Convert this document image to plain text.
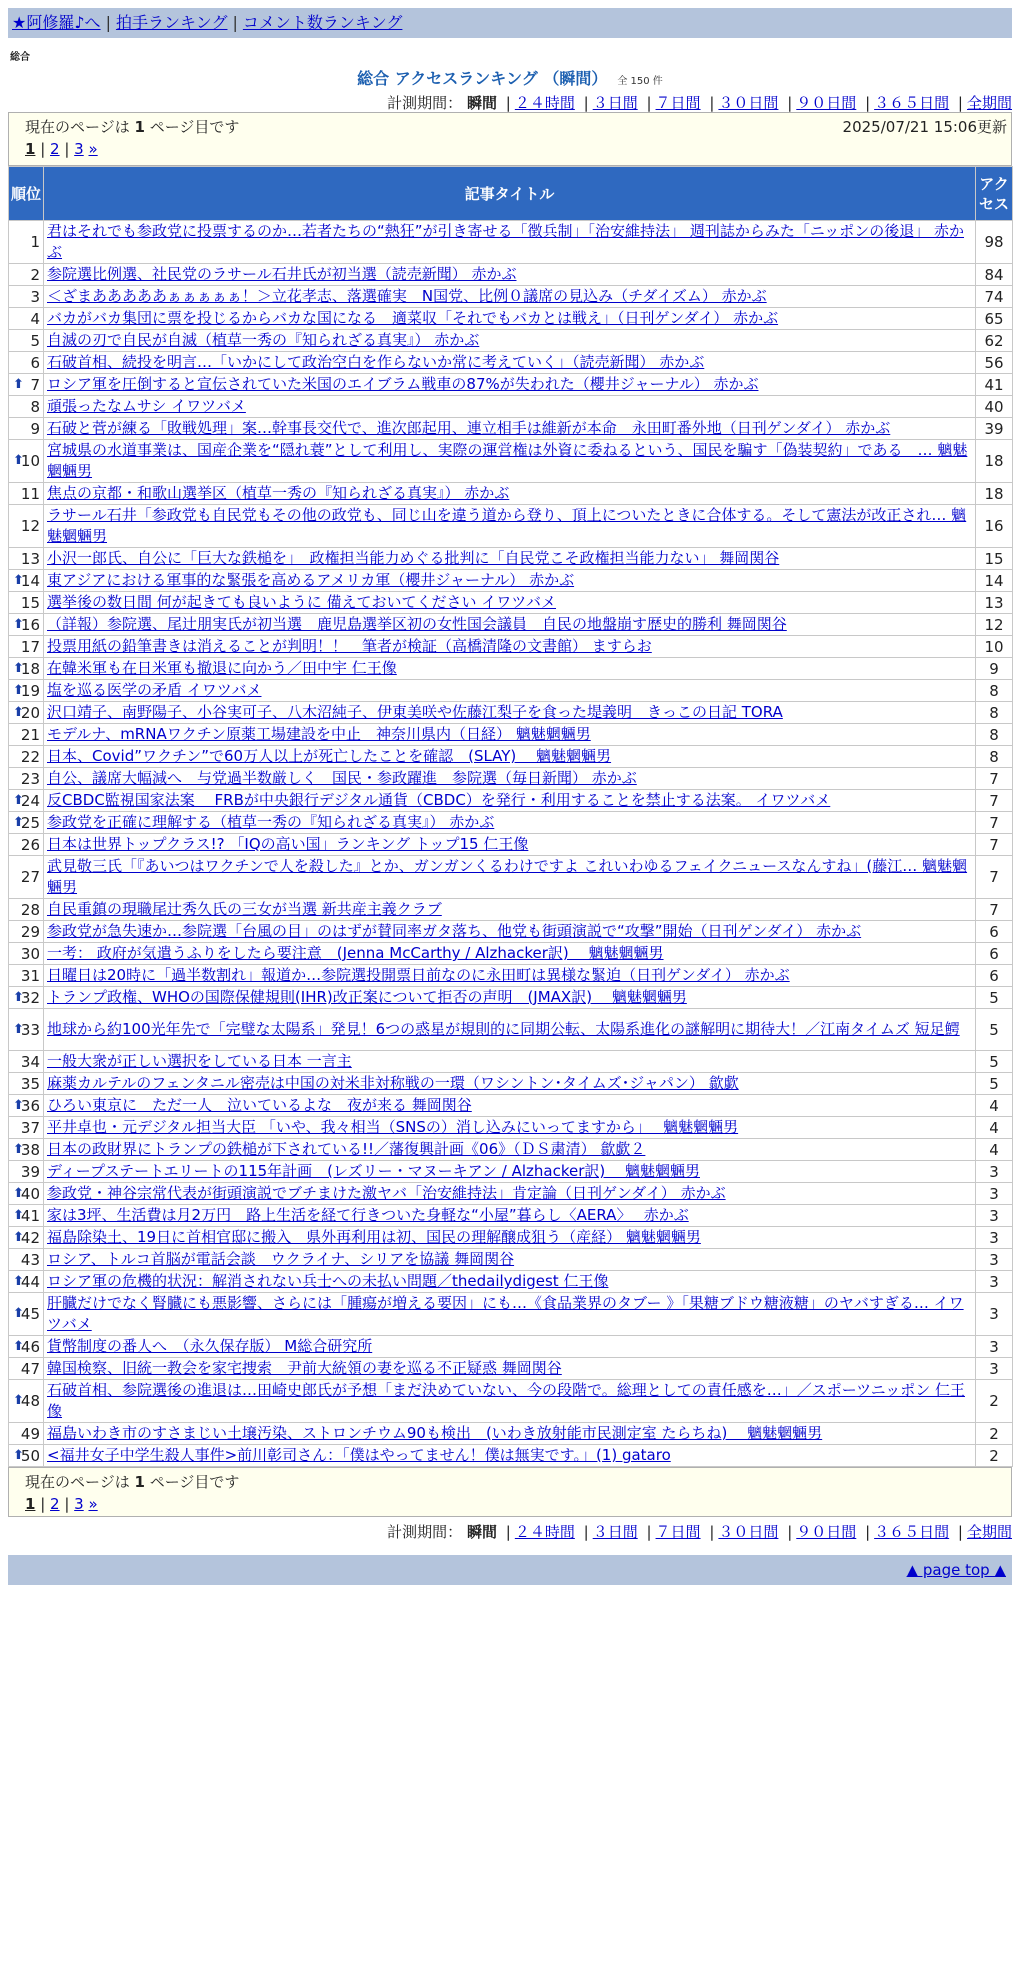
★阿修羅♪へ | 拍手ランキング | コメント数ランキング
総合
総合 アクセスランキング （瞬間） 全 150 件
計測期間： 瞬間 | ２４時間 | ３日間 | ７日間 | ３０日間 | ９０日間 | ３６５日間 | 全期間
現在のページは 1 ページ目です	2025/07/21 15:06更新
1 | 2 | 3 »
順位	記事タイトル	アクセス
1	君はそれでも参政党に投票するのか…若者たちの“熱狂”が引き寄せる「徴兵制」「治安維持法」 週刊誌からみた「ニッポンの後退」 赤かぶ	98
2	参院選比例選、社民党のラサール石井氏が初当選（読売新聞） 赤かぶ	84
3	＜ざまあああああぁぁぁぁぁ！＞立花孝志、落選確実　N国党、比例０議席の見込み（チダイズム） 赤かぶ	74
4	バカがバカ集団に票を投じるからバカな国になる　適菜収「それでもバカとは戦え」（日刊ゲンダイ） 赤かぶ	65
5	自滅の刃で自民が自滅（植草一秀の『知られざる真実』） 赤かぶ	62
6	石破首相、続投を明言…「いかにして政治空白を作らないか常に考えていく」（読売新聞） 赤かぶ	56

⬆ 7	ロシア軍を圧倒すると宣伝されていた米国のエイブラム戦車の87%が失われた（櫻井ジャーナル） 赤かぶ	41
8	頑張ったなムサシ イワツバメ	40
9	石破と菅が練る「敗戦処理」案…幹事長交代で、進次郎起用、連立相手は維新が本命　永田町番外地（日刊ゲンダイ） 赤かぶ	39

⬆
10	宮城県の水道事業は、国産企業を“隠れ蓑”として利用し、実際の運営権は外資に委ねるという、国民を騙す「偽装契約」である　… 魑魅魍魎男	18
11	焦点の京都・和歌山選挙区（植草一秀の『知られざる真実』） 赤かぶ	18
12	ラサール石井「参政党も自民党もその他の政党も、同じ山を違う道から登り、頂上についたときに合体する。そして憲法が改正され… 魑魅魍魎男	16
13	小沢一郎氏、自公に「巨大な鉄槌を」　政権担当能力めぐる批判に「自民党こそ政権担当能力ない」 舞岡関谷	15

⬆
14	東アジアにおける軍事的な緊張を高めるアメリカ軍（櫻井ジャーナル） 赤かぶ	14
15	選挙後の数日間 何が起きても良いように 備えておいてください イワツバメ	13

⬆
16	（詳報）参院選、尾辻朋実氏が初当選　鹿児島選挙区初の女性国会議員　自民の地盤崩す歴史的勝利 舞岡関谷	12
17	投票用紙の鉛筆書きは消えることが判明！！　筆者が検証（高橋清隆の文書館） ますらお	10

⬆
18	在韓米軍も在日米軍も撤退に向かう／田中宇 仁王像	9

⬆
19	塩を巡る医学の矛盾 イワツバメ	8

⬆
20	沢口靖子、南野陽子、小谷実可子、八木沼純子、伊東美咲や佐藤江梨子を食った堤義明　きっこの日記 TORA	8
21	モデルナ、mRNAワクチン原薬工場建設を中止　神奈川県内（日経） 魑魅魍魎男	8
22	日本、Covid”ワクチン”で60万人以上が死亡したことを確認　(SLAY)　 魑魅魍魎男	8
23	自公、議席大幅減へ　与党過半数厳しく　国民・参政躍進　参院選（毎日新聞） 赤かぶ	7

⬆
24	反CBDC監視国家法案　 FRBが中央銀行デジタル通貨（CBDC）を発行・利用することを禁止する法案。 イワツバメ	7

⬆
25	参政党を正確に理解する（植草一秀の『知られざる真実』） 赤かぶ	7
26	日本は世界トップクラス!? 「IQの高い国」ランキング トップ15 仁王像	7
27	武見敬三氏「『あいつはワクチンで人を殺した』とか、ガンガンくるわけですよ これいわゆるフェイクニュースなんすね」(藤江… 魑魅魍魎男	7
28	自民重鎮の現職尾辻秀久氏の三女が当選 新共産主義クラブ	7
29	参政党が急失速か…参院選「台風の目」のはずが賛同率ガタ落ち、他党も街頭演説で“攻撃”開始（日刊ゲンダイ） 赤かぶ	6
30	一考： 政府が気遣うふりをしたら要注意　(Jenna McCarthy / Alzhacker訳)　 魑魅魍魎男	6
31	日曜日は20時に「過半数割れ」報道か…参院選投開票日前なのに永田町は異様な緊迫（日刊ゲンダイ） 赤かぶ	6

⬆
32	トランプ政権、WHOの国際保健規則(IHR)改正案について拒否の声明　(JMAX訳)　 魑魅魍魎男	5

⬆
33	地球から約100光年先で「完璧な太陽系」発見！6つの惑星が規則的に同期公転、太陽系進化の謎解明に期待大！／江南タイムズ 短足鰐	5
34	一般大衆が正しい選択をしている日本 一言主	5
35	麻薬カルテルのフェンタニル密売は中国の対米非対称戦の一環（ワシントン･タイムズ･ジャパン） 歙歔	5

⬆
36	ひろい東京に　ただ一人　泣いているよな　夜が来る 舞岡関谷	4
37	平井卓也・元デジタル担当大臣 「いや、我々相当（SNSの）消し込みにいってますから」　 魑魅魍魎男	4

⬆
38	日本の政財界にトランプの鉄槌が下されている!!／藩復興計画《06》（ＤＳ粛清） 歙歔２	4
39	ディープステートエリートの115年計画　(レズリー・マヌーキアン / Alzhacker訳)　 魑魅魍魎男	3

⬆
40	参政党・神谷宗常代表が街頭演説でブチまけた激ヤバ「治安維持法」肯定論（日刊ゲンダイ） 赤かぶ	3

⬆
41	家は3坪、生活費は月2万円　路上生活を経て行きついた身軽な“小屋”暮らし〈AERA〉　 赤かぶ	3

⬆
42	福島除染土、19日に首相官邸に搬入　県外再利用は初、国民の理解醸成狙う（産経） 魑魅魍魎男	3
43	ロシア、トルコ首脳が電話会談　ウクライナ、シリアを協議 舞岡関谷	3

⬆
44	ロシア軍の危機的状況：解消されない兵士への未払い問題／thedailydigest 仁王像	3

⬆
45	肝臓だけでなく腎臓にも悪影響、さらには「腫瘍が増える要因」にも…《食品業界のタブー 》「果糖ブドウ糖液糖」のヤバすぎる… イワツバメ	3

⬆
46	貨幣制度の番人へ　（永久保存版） M総合研究所	3
47	韓国検察、旧統一教会を家宅捜索　尹前大統領の妻を巡る不正疑惑 舞岡関谷	3

⬆
48	石破首相、参院選後の進退は…田崎史郎氏が予想「まだ決めていない、今の段階で。総理としての責任感を…」／スポーツニッポン 仁王像	2
49	福島いわき市のすさまじい土壌汚染、ストロンチウム90も検出　(いわき放射能市民測定室 たらちね)　 魑魅魍魎男	2

⬆
50	<福井女子中学生殺人事件>前川彰司さん：「僕はやってません！僕は無実です。」(1) gataro	2
現在のページは 1 ページ目です
1 | 2 | 3 »
計測期間： 瞬間 | ２４時間 | ３日間 | ７日間 | ３０日間 | ９０日間 | ３６５日間 | 全期間
▲ page top ▲
